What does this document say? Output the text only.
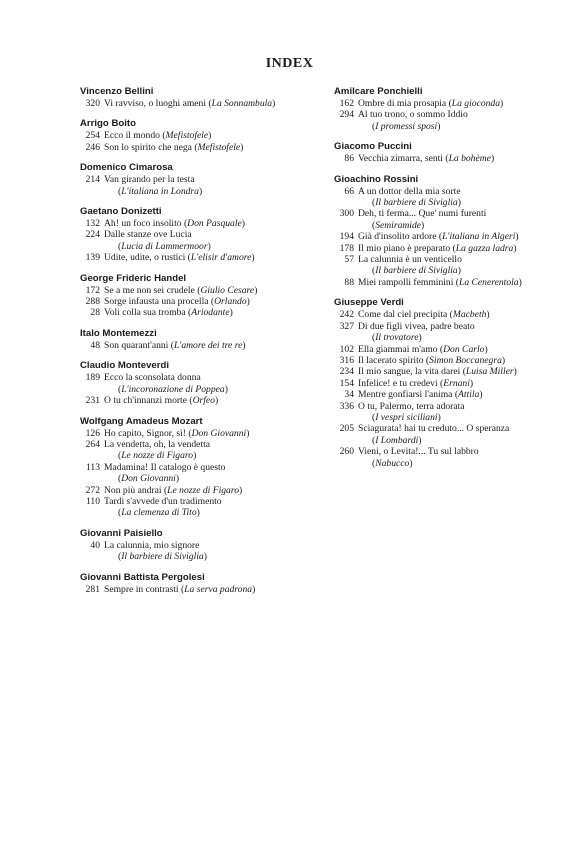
INDEX
Vincenzo Bellini
320 Vi ravviso, o luoghi ameni (La Sonnambula)
Arrigo Boito
254 Ecco il mondo (Mefistofele)
246 Son lo spirito che nega (Mefistofele)
Domenico Cimarosa
214 Van girando per la testa
(L'italiana in Londra)
Gaetano Donizetti
132 Ah! un foco insolito (Don Pasquale)
224 Dalle stanze ove Lucia
(Lucia di Lammermoor)
139 Udite, udite, o rustici (L'elisir d'amore)
George Frideric Handel
172 Se a me non sei crudele (Giulio Cesare)
288 Sorge infausta una procella (Orlando)
28 Voli colla sua tromba (Ariodante)
Italo Montemezzi
48 Son quarant'anni (L'amore dei tre re)
Claudio Monteverdi
189 Ecco la sconsolata donna
(L'incoronazione di Poppea)
231 O tu ch'innanzi morte (Orfeo)
Wolfgang Amadeus Mozart
126 Ho capito, Signor, sì! (Don Giovanni)
264 La vendetta, oh, la vendetta
(Le nozze di Figaro)
113 Madamina! Il catalogo è questo
(Don Giovanni)
272 Non più andrai (Le nozze di Figaro)
110 Tardi s'avvede d'un tradimento
(La clemenza di Tito)
Giovanni Paisiello
40 La calunnia, mio signore
(Il barbiere di Siviglia)
Giovanni Battista Pergolesi
281 Sempre in contrasti (La serva padrona)
Amilcare Ponchielli
162 Ombre di mia prosapia (La gioconda)
294 Al tuo trono, o sommo Iddio
(I promessi sposi)
Giacomo Puccini
86 Vecchia zimarra, senti (La bohème)
Gioachino Rossini
66 A un dottor della mia sorte
(Il barbiere di Siviglia)
300 Deh, ti ferma... Que' numi furenti
(Semiramide)
194 Già d'insolito ardore (L'italiana in Algeri)
178 Il mio piano è preparato (La gazza ladra)
57 La calunnia è un venticello
(Il barbiere di Siviglia)
88 Miei rampolli femminini (La Cenerentola)
Giuseppe Verdi
242 Come dal ciel precipita (Macbeth)
327 Di due figli vivea, padre beato
(Il trovatore)
102 Ella giammai m'amo (Don Carlo)
316 Il lacerato spirito (Simon Boccanegra)
234 Il mio sangue, la vita darei (Luisa Miller)
154 Infelice! e tu credevi (Ernani)
34 Mentre gonfiarsi l'anima (Attila)
336 O tu, Palermo, terra adorata
(I vespri siciliani)
205 Sciagurata! hai tu creduto... O speranza
(I Lombardi)
260 Vieni, o Levita!... Tu sul labbro
(Nabucco)
